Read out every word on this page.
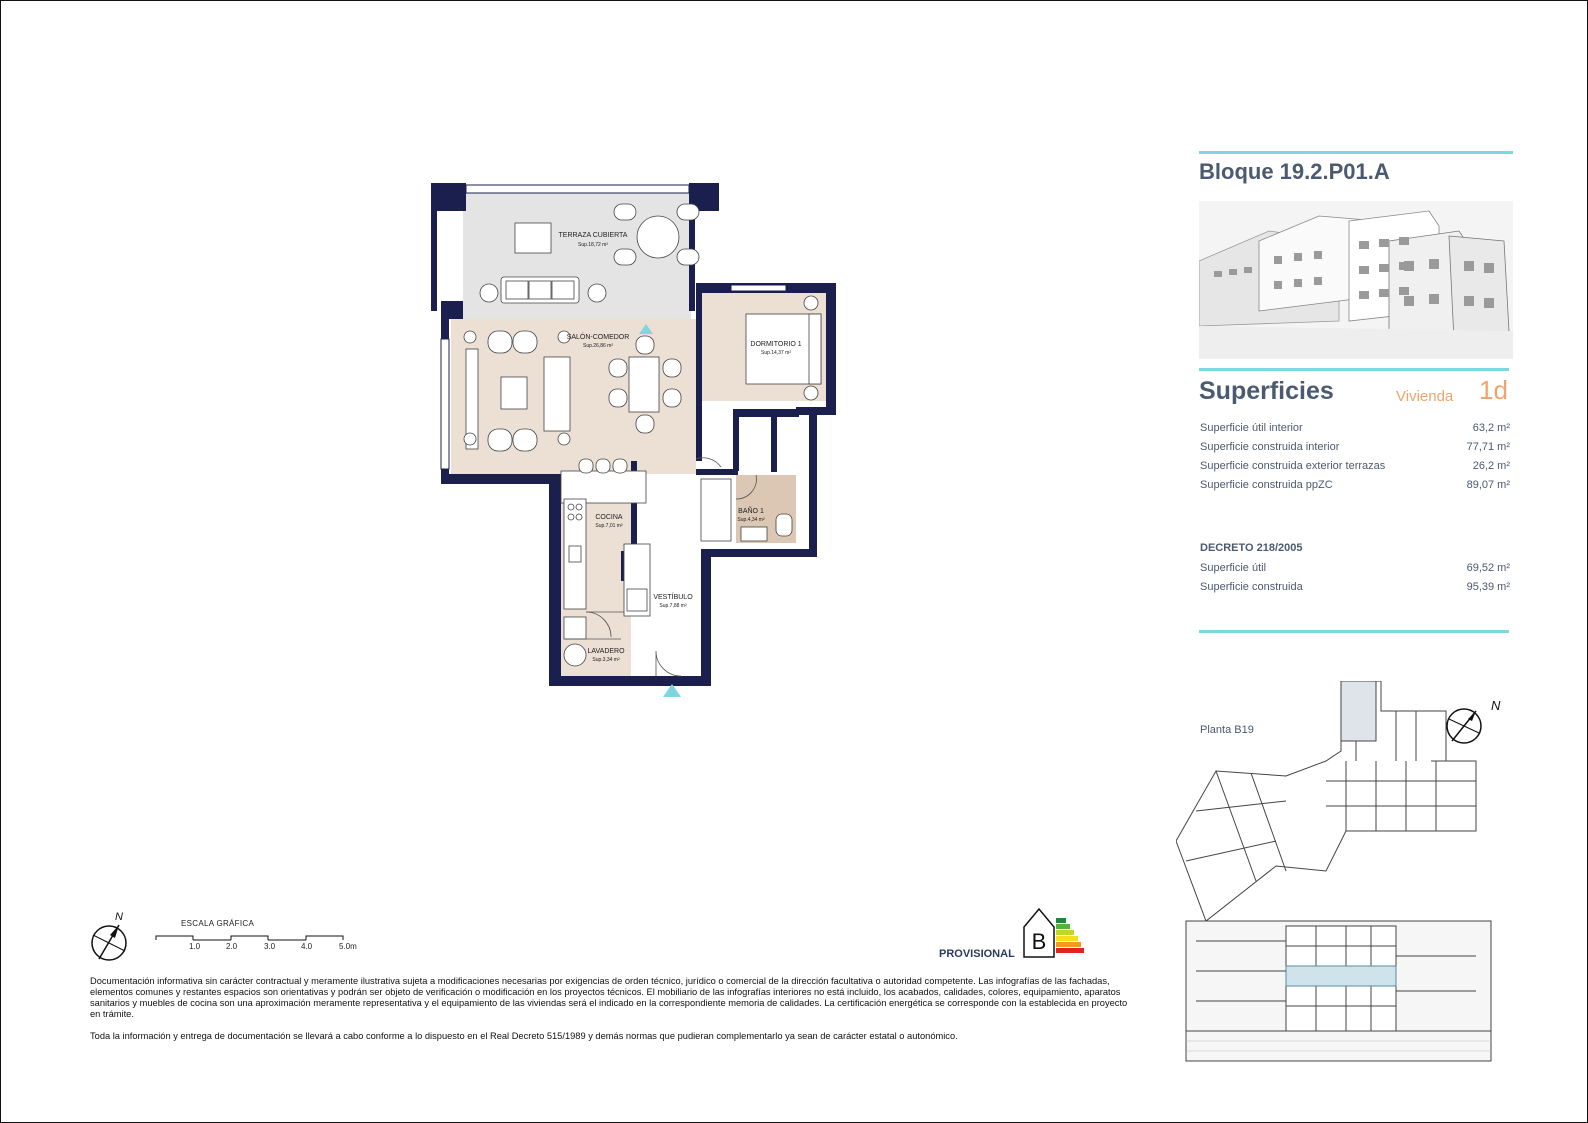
Bloque 19.2.P01.A
Superficies	Vivienda 1d
Superficie útil interior	63,2 m²
Superficie construida interior	77,71 m²
Superficie construida exterior terrazas	26,2 m²
Superficie construida ppZC	89,07 m²
DECRETO 218/2005
Superficie útil	69,52 m²
Superficie construida	95,39 m²
Planta B19
N
TERRAZA CUBIERTA
Sup.18,72 m²
SALÓN-COMEDOR
Sup.26,86 m²	DORMITORIO 1
Sup.14,37 m²
COCINA
Sup.7,01 m²
BAÑO 1
Sup.4,34 m²
VESTÍBULO
Sup.7,88 m²
LAVADERO
Sup.3,34 m²
N
ESCALA GRÁFICA
1.0	2.0	3.0	4.0	5.0m
PROVISIONAL B
Documentación informativa sin carácter contractual y meramente ilustrativa sujeta a modificaciones necesarias por exigencias de orden técnico, jurídico o comercial de la dirección facultativa o autoridad competente. Las infografías de las fachadas, elementos comunes y restantes espacios son orientativas y podrán ser objeto de verificación o modificación en los proyectos técnicos. El mobiliario de las infografías interiores no está incluido, los acabados, calidades, colores, equipamiento, aparatos sanitarios y muebles de cocina son una aproximación meramente representativa y el equipamiento de las viviendas será el indicado en la correspondiente memoria de calidades. La certificación energética se corresponde con la establecida en proyecto en trámite.
Toda la información y entrega de documentación se llevará a cabo conforme a lo dispuesto en el Real Decreto 515/1989 y demás normas que pudieran complementarlo ya sean de carácter estatal o autonómico.
